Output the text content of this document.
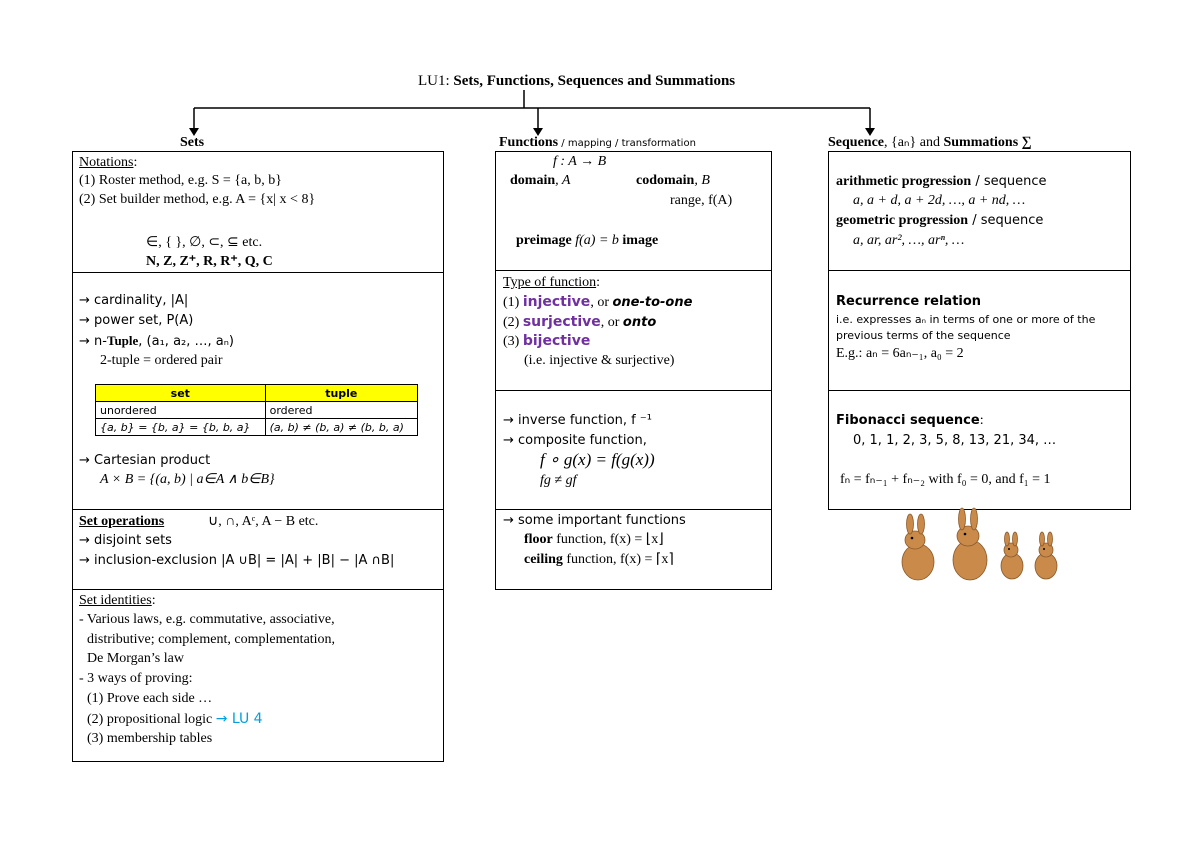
LU1: Sets, Functions, Sequences and Summations
Sets
Notations:
(1) Roster method, e.g. S = {a, b, b}
(2) Set builder method, e.g. A = {x| x < 8}
∈, { }, ∅, ⊂, ⊆ etc.
N, Z, Z⁺, R, R⁺, Q, C
→ cardinality, |A|
→ power set, P(A)
→ n-Tuple, (a₁, a₂, …, aₙ)
2-tuple = ordered pair
set	tuple
unordered	ordered
{a, b} = {b, a} = {b, b, a}	(a, b) ≠ (b, a) ≠ (b, b, a)
→ Cartesian product
A × B = {(a, b) | a∈A ∧ b∈B}
Set operations	∪, ∩, Aᶜ, A − B etc.
→ disjoint sets
→ inclusion-exclusion |A ∪B| = |A| + |B| − |A ∩B|
Set identities:
- Various laws, e.g. commutative, associative,
distributive; complement, complementation,
De Morgan’s law
- 3 ways of proving:
(1) Prove each side …
(2) propositional logic → LU 4
(3) membership tables
Functions / mapping / transformation
f : A → B
domain, A	codomain, B
range, f(A)
preimage f(a) = b image
Type of function:
(1) injective, or one-to-one
(2) surjective, or onto
(3) bijective
(i.e. injective & surjective)
→ inverse function, f ⁻¹
→ composite function,
f ∘ g(x) = f(g(x))
fg ≠ gf
→ some important functions
floor function, f(x) = ⌊x⌋
ceiling function, f(x) = ⌈x⌉
Sequence, {aₙ} and Summations ∑
arithmetic progression / sequence
a, a + d, a + 2d, …, a + nd, …
geometric progression / sequence
a, ar, ar², …, arⁿ, …
Recurrence relation
i.e. expresses aₙ in terms of one or more of the
previous terms of the sequence
E.g.: aₙ = 6aₙ₋₁, a₀ = 2
Fibonacci sequence:
0, 1, 1, 2, 3, 5, 8, 13, 21, 34, …
fₙ = fₙ₋₁ + fₙ₋₂ with f₀ = 0, and f₁ = 1
